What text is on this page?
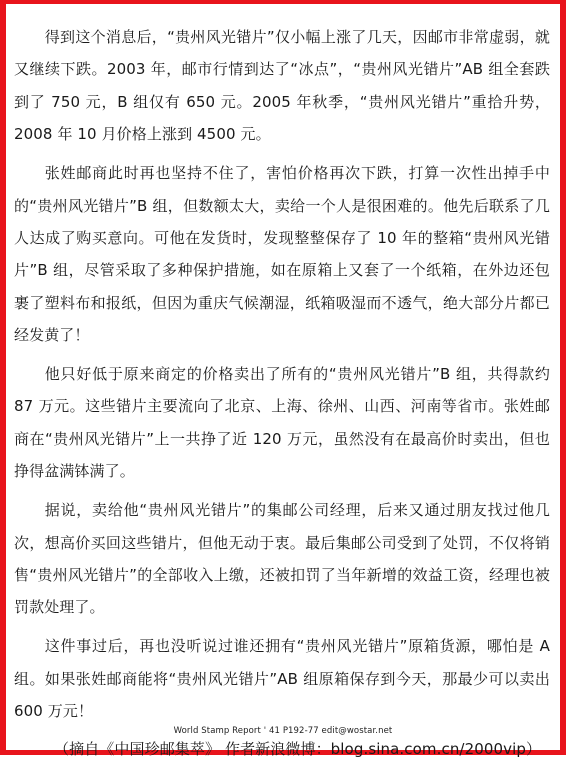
得到这个消息后，“贵州风光错片”仅小幅上涨了几天，因邮市非常虚弱，就又继续下跌。2003 年，邮市行情到达了“冰点”，“贵州风光错片”AB 组全套跌到了 750 元，B 组仅有 650 元。2005 年秋季，“贵州风光错片”重拾升势，2008 年 10 月价格上涨到 4500 元。

张姓邮商此时再也坚持不住了，害怕价格再次下跌，打算一次性出掉手中的“贵州风光错片”B 组，但数额太大，卖给一个人是很困难的。他先后联系了几人达成了购买意向。可他在发货时，发现整整保存了 10 年的整箱“贵州风光错片”B 组，尽管采取了多种保护措施，如在原箱上又套了一个纸箱，在外边还包裹了塑料布和报纸，但因为重庆气候潮湿，纸箱吸湿而不透气，绝大部分片都已经发黄了！

他只好低于原来商定的价格卖出了所有的“贵州风光错片”B 组，共得款约 87 万元。这些错片主要流向了北京、上海、徐州、山西、河南等省市。张姓邮商在“贵州风光错片”上一共挣了近 120 万元，虽然没有在最高价时卖出，但也挣得盆满钵满了。

据说，卖给他“贵州风光错片”的集邮公司经理，后来又通过朋友找过他几次，想高价买回这些错片，但他无动于衷。最后集邮公司受到了处罚，不仅将销售“贵州风光错片”的全部收入上缴，还被扣罚了当年新增的效益工资，经理也被罚款处理了。

这件事过后，再也没听说过谁还拥有“贵州风光错片”原箱货源，哪怕是 A 组。如果张姓邮商能将“贵州风光错片”AB 组原箱保存到今天，那最少可以卖出 600 万元！

（摘自《中国珍邮集萃》 作者新浪微博：blog.sina.com.cn/2000vip）

World Stamp Report ' 41 P192-77 edit@wostar.net
